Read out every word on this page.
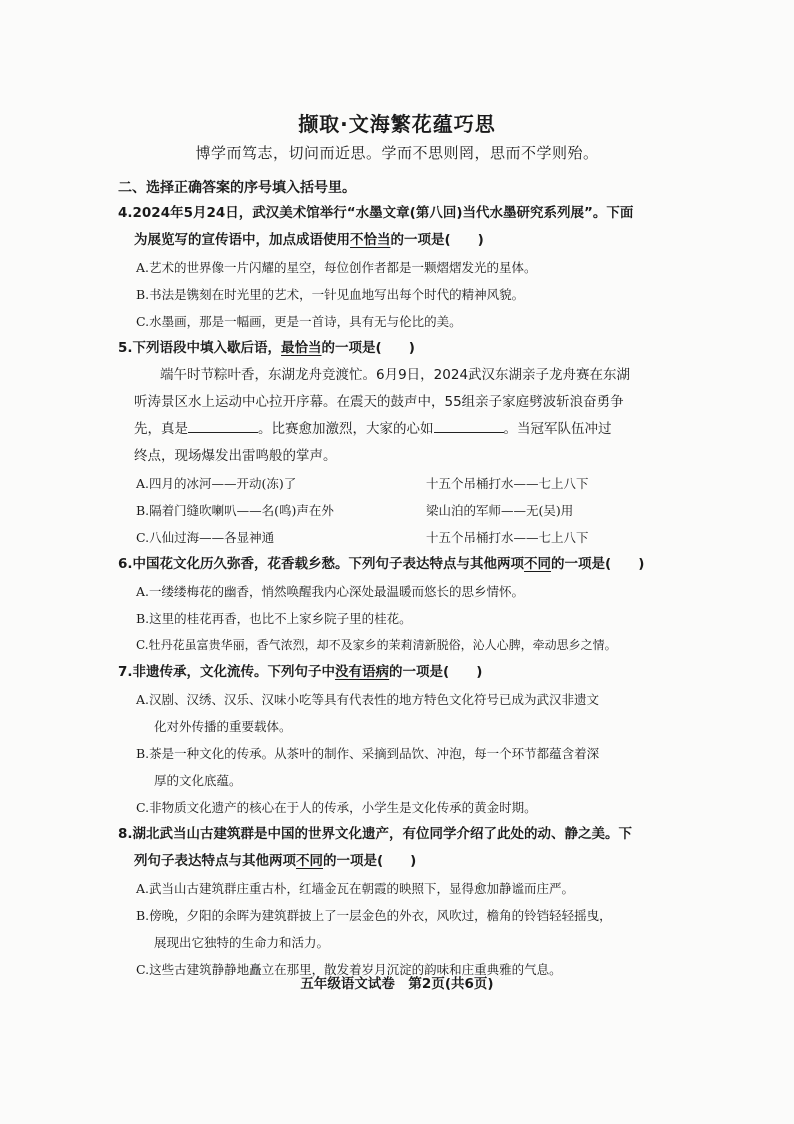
撷取·文海繁花蕴巧思
博学而笃志，切问而近思。学而不思则罔，思而不学则殆。
二、选择正确答案的序号填入括号里。
4.2024年5月24日，武汉美术馆举行“水墨文章(第八回)当代水墨研究系列展”。下面
为展览写的宣传语中，加点成语使用不恰当的一项是(　　)
A.艺术的世界像一片闪耀的星空，每位创作者都是一颗熠熠发光的星体。
B.书法是镌刻在时光里的艺术，一针见血地写出每个时代的精神风貌。
C.水墨画，那是一幅画，更是一首诗，具有无与伦比的美。
5.下列语段中填入歇后语，最恰当的一项是(　　)
端午时节粽叶香，东湖龙舟竞渡忙。6月9日，2024武汉东湖亲子龙舟赛在东湖
听涛景区水上运动中心拉开序幕。在震天的鼓声中，55组亲子家庭劈波斩浪奋勇争
先，真是	。比赛愈加激烈，大家的心如	。当冠军队伍冲过
终点，现场爆发出雷鸣般的掌声。
A.四月的冰河——开动(冻)了	十五个吊桶打水——七上八下
B.隔着门缝吹喇叭——名(鸣)声在外	梁山泊的军师——无(吴)用
C.八仙过海——各显神通	十五个吊桶打水——七上八下
6.中国花文化历久弥香，花香载乡愁。下列句子表达特点与其他两项不同的一项是(　　)
A.一缕缕梅花的幽香，悄然唤醒我内心深处最温暖而悠长的思乡情怀。
B.这里的桂花再香，也比不上家乡院子里的桂花。
C.牡丹花虽富贵华丽，香气浓烈，却不及家乡的茉莉清新脱俗，沁人心脾，牵动思乡之情。
7.非遗传承，文化流传。下列句子中没有语病的一项是(　　)
A.汉剧、汉绣、汉乐、汉味小吃等具有代表性的地方特色文化符号已成为武汉非遗文
化对外传播的重要载体。
B.茶是一种文化的传承。从茶叶的制作、采摘到品饮、冲泡，每一个环节都蕴含着深
厚的文化底蕴。
C.非物质文化遗产的核心在于人的传承，小学生是文化传承的黄金时期。
8.湖北武当山古建筑群是中国的世界文化遗产，有位同学介绍了此处的动、静之美。下
列句子表达特点与其他两项不同的一项是(　　)
A.武当山古建筑群庄重古朴，红墙金瓦在朝霞的映照下，显得愈加静谧而庄严。
B.傍晚，夕阳的余晖为建筑群披上了一层金色的外衣，风吹过，檐角的铃铛轻轻摇曳，
展现出它独特的生命力和活力。
C.这些古建筑静静地矗立在那里，散发着岁月沉淀的韵味和庄重典雅的气息。
五年级语文试卷　第2页(共6页)
